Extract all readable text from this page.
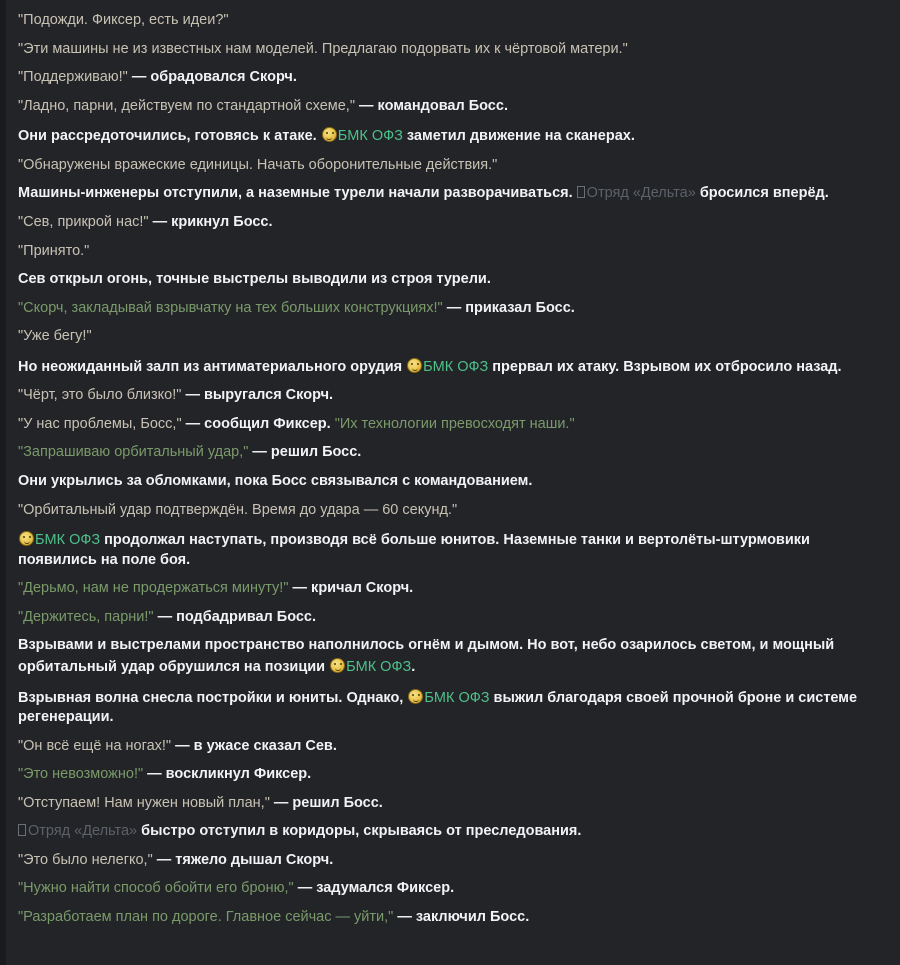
"Подожди. Фиксер, есть идеи?"
"Эти машины не из известных нам моделей. Предлагаю подорвать их к чёртовой матери."
"Поддерживаю!" — обрадовался Скорч.
"Ладно, парни, действуем по стандартной схеме," — командовал Босс.
Они рассредоточились, готовясь к атаке. БМК ОФЗ заметил движение на сканерах.
"Обнаружены вражеские единицы. Начать оборонительные действия."
Машины-инженеры отступили, а наземные турели начали разворачиваться. Отряд «Дельта» бросился вперёд.
"Сев, прикрой нас!" — крикнул Босс.
"Принято."
Сев открыл огонь, точные выстрелы выводили из строя турели.
"Скорч, закладывай взрывчатку на тех больших конструкциях!" — приказал Босс.
"Уже бегу!"
Но неожиданный залп из антиматериального орудия БМК ОФЗ прервал их атаку. Взрывом их отбросило назад.
"Чёрт, это было близко!" — выругался Скорч.
"У нас проблемы, Босс," — сообщил Фиксер. "Их технологии превосходят наши."
"Запрашиваю орбитальный удар," — решил Босс.
Они укрылись за обломками, пока Босс связывался с командованием.
"Орбитальный удар подтверждён. Время до удара — 60 секунд."
БМК ОФЗ продолжал наступать, производя всё больше юнитов. Наземные танки и вертолёты-штурмовики появились на поле боя.
"Дерьмо, нам не продержаться минуту!" — кричал Скорч.
"Держитесь, парни!" — подбадривал Босс.
Взрывами и выстрелами пространство наполнилось огнём и дымом. Но вот, небо озарилось светом, и мощный орбитальный удар обрушился на позиции БМК ОФЗ.
Взрывная волна снесла постройки и юниты. Однако, БМК ОФЗ выжил благодаря своей прочной броне и системе регенерации.
"Он всё ещё на ногах!" — в ужасе сказал Сев.
"Это невозможно!" — воскликнул Фиксер.
"Отступаем! Нам нужен новый план," — решил Босс.
Отряд «Дельта» быстро отступил в коридоры, скрываясь от преследования.
"Это было нелегко," — тяжело дышал Скорч.
"Нужно найти способ обойти его броню," — задумался Фиксер.
"Разработаем план по дороге. Главное сейчас — уйти," — заключил Босс.
